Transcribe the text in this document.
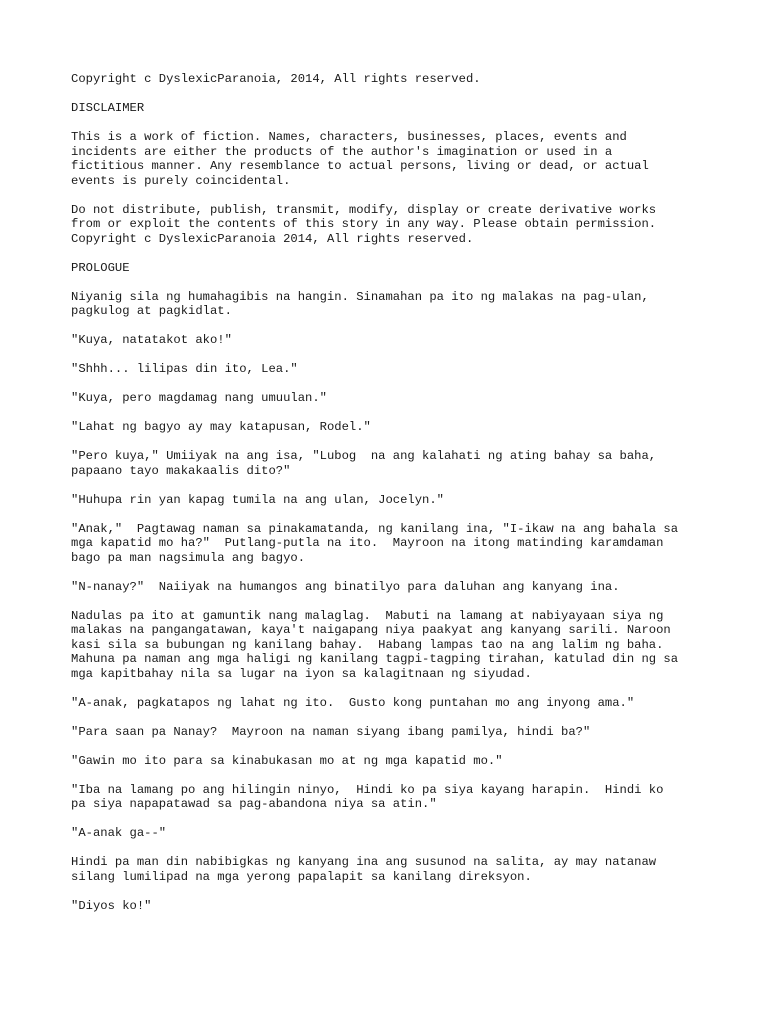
Copyright c DyslexicParanoia, 2014, All rights reserved.

DISCLAIMER

This is a work of fiction. Names, characters, businesses, places, events and
incidents are either the products of the author's imagination or used in a
fictitious manner. Any resemblance to actual persons, living or dead, or actual
events is purely coincidental.

Do not distribute, publish, transmit, modify, display or create derivative works
from or exploit the contents of this story in any way. Please obtain permission.
Copyright c DyslexicParanoia 2014, All rights reserved.

PROLOGUE

Niyanig sila ng humahagibis na hangin. Sinamahan pa ito ng malakas na pag-ulan,
pagkulog at pagkidlat.

"Kuya, natatakot ako!"

"Shhh... lilipas din ito, Lea."

"Kuya, pero magdamag nang umuulan."

"Lahat ng bagyo ay may katapusan, Rodel."

"Pero kuya," Umiiyak na ang isa, "Lubog  na ang kalahati ng ating bahay sa baha,
papaano tayo makakaalis dito?"

"Huhupa rin yan kapag tumila na ang ulan, Jocelyn."

"Anak,"  Pagtawag naman sa pinakamatanda, ng kanilang ina, "I-ikaw na ang bahala sa
mga kapatid mo ha?"  Putlang-putla na ito.  Mayroon na itong matinding karamdaman
bago pa man nagsimula ang bagyo.

"N-nanay?"  Naiiyak na humangos ang binatilyo para daluhan ang kanyang ina.

Nadulas pa ito at gamuntik nang malaglag.  Mabuti na lamang at nabiyayaan siya ng
malakas na pangangatawan, kaya't naigapang niya paakyat ang kanyang sarili. Naroon
kasi sila sa bubungan ng kanilang bahay.  Habang lampas tao na ang lalim ng baha.
Mahuna pa naman ang mga haligi ng kanilang tagpi-tagping tirahan, katulad din ng sa
mga kapitbahay nila sa lugar na iyon sa kalagitnaan ng siyudad.

"A-anak, pagkatapos ng lahat ng ito.  Gusto kong puntahan mo ang inyong ama."

"Para saan pa Nanay?  Mayroon na naman siyang ibang pamilya, hindi ba?"

"Gawin mo ito para sa kinabukasan mo at ng mga kapatid mo."

"Iba na lamang po ang hilingin ninyo,  Hindi ko pa siya kayang harapin.  Hindi ko
pa siya napapatawad sa pag-abandona niya sa atin."

"A-anak ga--"

Hindi pa man din nabibigkas ng kanyang ina ang susunod na salita, ay may natanaw
silang lumilipad na mga yerong papalapit sa kanilang direksyon.

"Diyos ko!"
